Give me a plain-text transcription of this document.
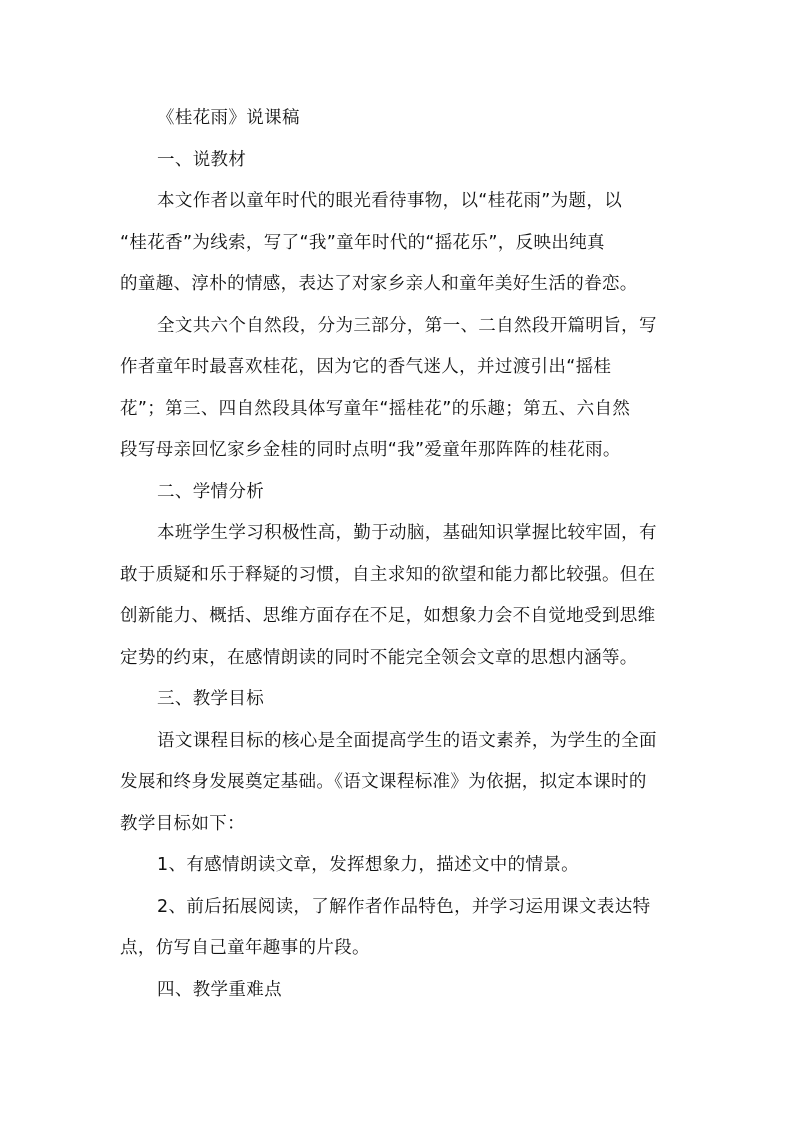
《桂花雨》说课稿

一、说教材

本文作者以童年时代的眼光看待事物，以“桂花雨”为题，以
“桂花香”为线索，写了“我”童年时代的“摇花乐”，反映出纯真
的童趣、淳朴的情感，表达了对家乡亲人和童年美好生活的眷恋。

全文共六个自然段，分为三部分，第一、二自然段开篇明旨，写
作者童年时最喜欢桂花，因为它的香气迷人，并过渡引出“摇桂
花”；第三、四自然段具体写童年“摇桂花”的乐趣；第五、六自然
段写母亲回忆家乡金桂的同时点明“我”爱童年那阵阵的桂花雨。

二、学情分析

本班学生学习积极性高，勤于动脑，基础知识掌握比较牢固，有
敢于质疑和乐于释疑的习惯，自主求知的欲望和能力都比较强。但在
创新能力、概括、思维方面存在不足，如想象力会不自觉地受到思维
定势的约束，在感情朗读的同时不能完全领会文章的思想内涵等。

三、教学目标

语文课程目标的核心是全面提高学生的语文素养，为学生的全面
发展和终身发展奠定基础。《语文课程标准》为依据，拟定本课时的
教学目标如下：

1、有感情朗读文章，发挥想象力，描述文中的情景。

2、前后拓展阅读，了解作者作品特色，并学习运用课文表达特
点，仿写自己童年趣事的片段。

四、教学重难点
